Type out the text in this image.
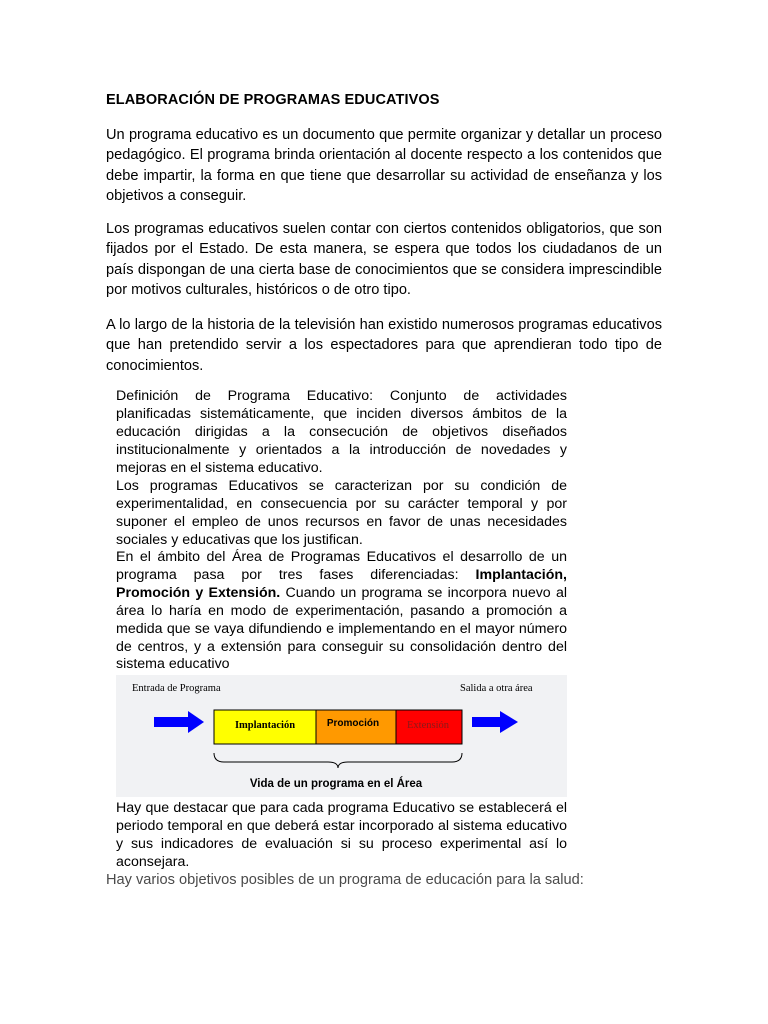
ELABORACIÓN DE PROGRAMAS EDUCATIVOS
Un programa educativo es un documento que permite organizar y detallar un proceso pedagógico. El programa brinda orientación al docente respecto a los contenidos que debe impartir, la forma en que tiene que desarrollar su actividad de enseñanza y los objetivos a conseguir.
Los programas educativos suelen contar con ciertos contenidos obligatorios, que son fijados por el Estado. De esta manera, se espera que todos los ciudadanos de un país dispongan de una cierta base de conocimientos que se considera imprescindible por motivos culturales, históricos o de otro tipo.
A lo largo de la historia de la televisión han existido numerosos programas educativos que han pretendido servir a los espectadores para que aprendieran todo tipo de conocimientos.
Definición de Programa Educativo: Conjunto de actividades planificadas sistemáticamente, que inciden diversos ámbitos de la educación dirigidas a la consecución de objetivos diseñados institucionalmente y orientados a la introducción de novedades y mejoras en el sistema educativo.
Los programas Educativos se caracterizan por su condición de experimentalidad, en consecuencia por su carácter temporal y por suponer el empleo de unos recursos en favor de unas necesidades sociales y educativas que los justifican.
En el ámbito del Área de Programas Educativos el desarrollo de un programa pasa por tres fases diferenciadas: Implantación, Promoción y Extensión. Cuando un programa se incorpora nuevo al área lo haría en modo de experimentación, pasando a promoción a medida que se vaya difundiendo e implementando en el mayor número de centros, y a extensión para conseguir su consolidación dentro del sistema educativo
Entrada de Programa	Salida a otra área
Implantación	Promoción	Extensión
Vida de un programa en el Área
Hay que destacar que para cada programa Educativo se establecerá el periodo temporal en que deberá estar incorporado al sistema educativo y sus indicadores de evaluación si su proceso experimental así lo aconsejara.
Hay varios objetivos posibles de un programa de educación para la salud:
